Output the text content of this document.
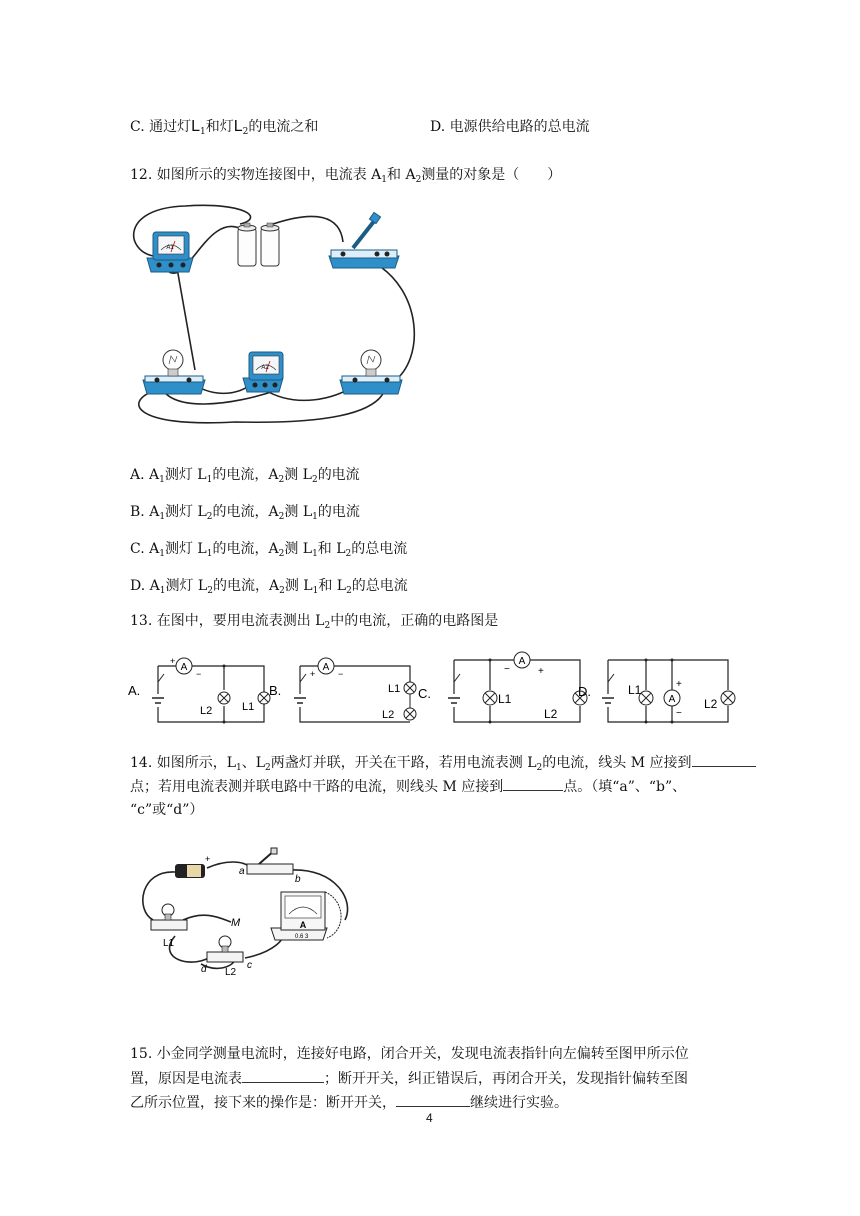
C. 通过灯$L_1$和灯$L_2$的电流之和	D. 电源供给电路的总电流
12. 如图所示的实物连接图中，电流表 $A_1$和 $A_2$测量的对象是（　　）
A1
A2
A. $A_1$测灯 $L_1$的电流，$A_2$测 $L_2$的电流
B. $A_1$测灯 $L_2$的电流，$A_2$测 $L_1$的电流
C. $A_1$测灯 $L_1$的电流，$A_2$测 $L_1$和 $L_2$的总电流
D. $A_1$测灯 $L_2$的电流，$A_2$测 $L_1$和 $L_2$的总电流
13. 在图中，要用电流表测出 $L_2$中的电流，正确的电路图是
A.
A
+
−
L2	L1
B.
A
+	−
L1
L2
C.
A
−	+
L1
L2
D.
A
+
−
L1
L2
14. 如图所示，$L_1$、$L_2$两盏灯并联，开关在干路，若用电流表测 $L_2$的电流，线头 M 应接到
点；若用电流表测并联电路中干路的电流，则线头 M 应接到	点。（填“a”、“b”、
“c”或“d”）
+
a
b
A
0.6 3
L1
M
L2
d	c
15. 小金同学测量电流时，连接好电路，闭合开关，发现电流表指针向左偏转至图甲所示位
置，原因是电流表	；断开开关，纠正错误后，再闭合开关，发现指针偏转至图
乙所示位置，接下来的操作是：断开开关，	继续进行实验。
4
